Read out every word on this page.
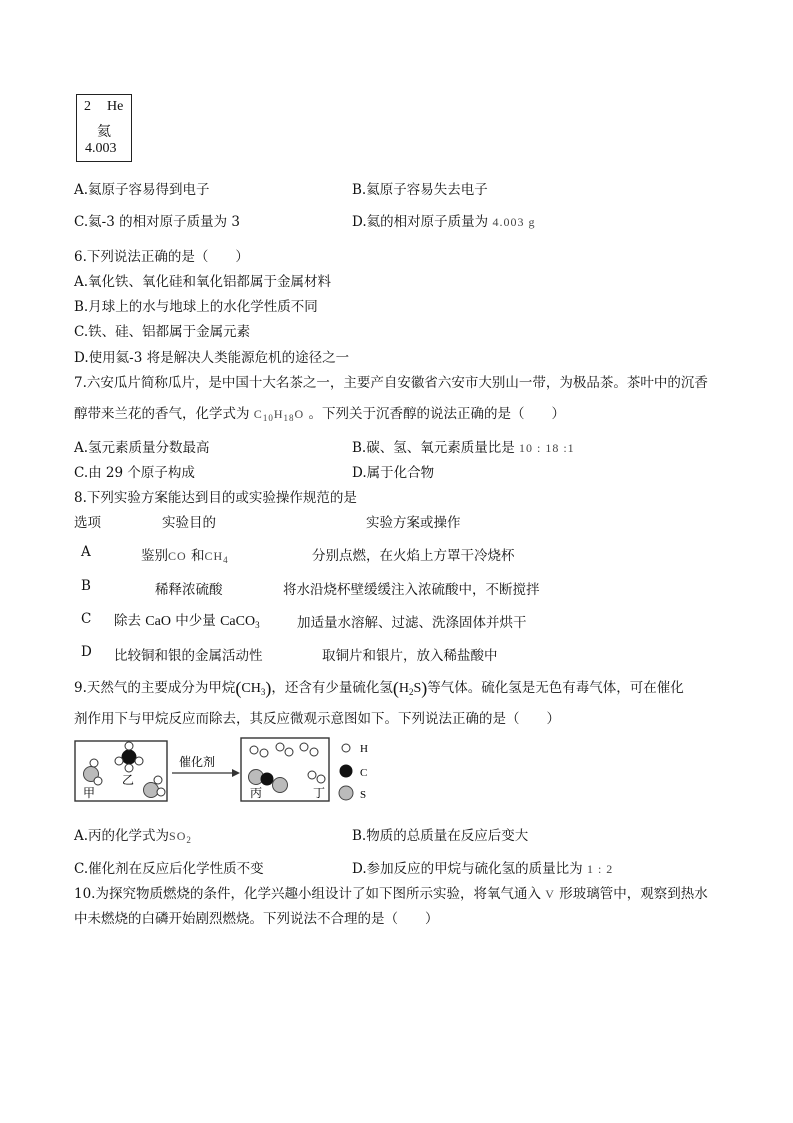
2 He
氦
4.003
A.氦原子容易得到电子	B.氦原子容易失去电子
C.氦-3 的相对原子质量为 3	D.氦的相对原子质量为 4.003 g
6.下列说法正确的是（　　）
A.氧化铁、氧化硅和氧化铝都属于金属材料
B.月球上的水与地球上的水化学性质不同
C.铁、硅、铝都属于金属元素
D.使用氦-3 将是解决人类能源危机的途径之一
7.六安瓜片简称瓜片，是中国十大名茶之一，主要产自安徽省六安市大别山一带，为极品茶。茶叶中的沉香
醇带来兰花的香气，化学式为 $C_{10}H_{18}O$ 。下列关于沉香醇的说法正确的是（　　）
A.氢元素质量分数最高	B.碳、氢、氧元素质量比是 10 : 18 :1
C.由 29 个原子构成	D.属于化合物
8.下列实验方案能达到目的或实验操作规范的是
选项	实验目的	实验方案或操作
A	鉴别CO 和$CH_4$	分别点燃，在火焰上方罩干冷烧杯
B	稀释浓硫酸	将水沿烧杯壁缓缓注入浓硫酸中，不断搅拌
C 除去 CaO 中少量 CaCO$_3$	加适量水溶解、过滤、洗涤固体并烘干
D 比较铜和银的金属活动性	取铜片和银片，放入稀盐酸中
9.天然气的主要成分为甲烷$(CH_3)$，还含有少量硫化氢$(H_2S)$等气体。硫化氢是无色有毒气体，可在催化
剂作用下与甲烷反应而除去，其反应微观示意图如下。下列说法正确的是（　　）
甲
乙
催化剂
丙	丁
H
C
S
A.丙的化学式为$SO_2$	B.物质的总质量在反应后变大
C.催化剂在反应后化学性质不变	D.参加反应的甲烷与硫化氢的质量比为 1 : 2
10.为探究物质燃烧的条件，化学兴趣小组设计了如下图所示实验，将氧气通入 V 形玻璃管中，观察到热水
中未燃烧的白磷开始剧烈燃烧。下列说法不合理的是（　　）
